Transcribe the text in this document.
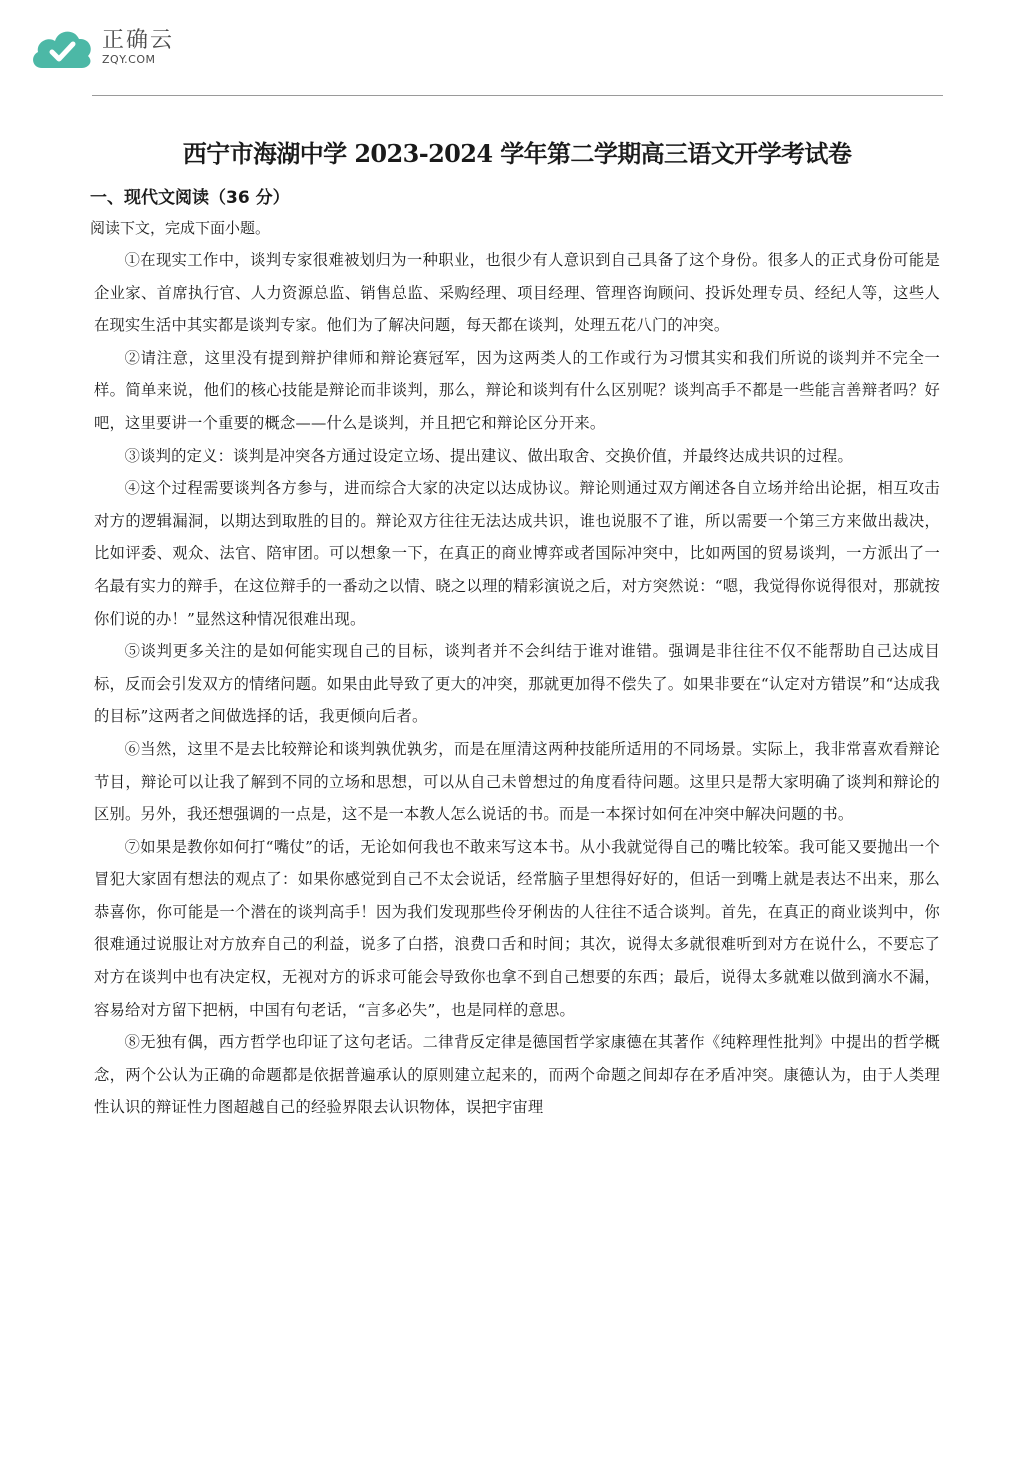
正确云
ZQY.COM
西宁市海湖中学 2023-2024 学年第二学期高三语文开学考试卷
一、现代文阅读（36 分）
阅读下文，完成下面小题。

①在现实工作中，谈判专家很难被划归为一种职业，也很少有人意识到自己具备了这个身份。很多人的正式身份可能是企业家、首席执行官、人力资源总监、销售总监、采购经理、项目经理、管理咨询顾问、投诉处理专员、经纪人等，这些人在现实生活中其实都是谈判专家。他们为了解决问题，每天都在谈判，处理五花八门的冲突。

②请注意，这里没有提到辩护律师和辩论赛冠军，因为这两类人的工作或行为习惯其实和我们所说的谈判并不完全一样。简单来说，他们的核心技能是辩论而非谈判，那么，辩论和谈判有什么区别呢？谈判高手不都是一些能言善辩者吗？好吧，这里要讲一个重要的概念——什么是谈判，并且把它和辩论区分开来。

③谈判的定义：谈判是冲突各方通过设定立场、提出建议、做出取舍、交换价值，并最终达成共识的过程。

④这个过程需要谈判各方参与，进而综合大家的决定以达成协议。辩论则通过双方阐述各自立场并给出论据，相互攻击对方的逻辑漏洞，以期达到取胜的目的。辩论双方往往无法达成共识，谁也说服不了谁，所以需要一个第三方来做出裁决，比如评委、观众、法官、陪审团。可以想象一下，在真正的商业博弈或者国际冲突中，比如两国的贸易谈判，一方派出了一名最有实力的辩手，在这位辩手的一番动之以情、晓之以理的精彩演说之后，对方突然说：“嗯，我觉得你说得很对，那就按你们说的办！”显然这种情况很难出现。

⑤谈判更多关注的是如何能实现自己的目标，谈判者并不会纠结于谁对谁错。强调是非往往不仅不能帮助自己达成目标，反而会引发双方的情绪问题。如果由此导致了更大的冲突，那就更加得不偿失了。如果非要在“认定对方错误”和“达成我的目标”这两者之间做选择的话，我更倾向后者。

⑥当然，这里不是去比较辩论和谈判孰优孰劣，而是在厘清这两种技能所适用的不同场景。实际上，我非常喜欢看辩论节目，辩论可以让我了解到不同的立场和思想，可以从自己未曾想过的角度看待问题。这里只是帮大家明确了谈判和辩论的区别。另外，我还想强调的一点是，这不是一本教人怎么说话的书。而是一本探讨如何在冲突中解决问题的书。

⑦如果是教你如何打“嘴仗”的话，无论如何我也不敢来写这本书。从小我就觉得自己的嘴比较笨。我可能又要抛出一个冒犯大家固有想法的观点了：如果你感觉到自己不太会说话，经常脑子里想得好好的，但话一到嘴上就是表达不出来，那么恭喜你，你可能是一个潜在的谈判高手！因为我们发现那些伶牙俐齿的人往往不适合谈判。首先，在真正的商业谈判中，你很难通过说服让对方放弃自己的利益，说多了白搭，浪费口舌和时间；其次，说得太多就很难听到对方在说什么，不要忘了对方在谈判中也有决定权，无视对方的诉求可能会导致你也拿不到自己想要的东西；最后，说得太多就难以做到滴水不漏，容易给对方留下把柄，中国有句老话，“言多必失”，也是同样的意思。

⑧无独有偶，西方哲学也印证了这句老话。二律背反定律是德国哲学家康德在其著作《纯粹理性批判》中提出的哲学概念，两个公认为正确的命题都是依据普遍承认的原则建立起来的，而两个命题之间却存在矛盾冲突。康德认为，由于人类理性认识的辩证性力图超越自己的经验界限去认识物体，误把宇宙理
